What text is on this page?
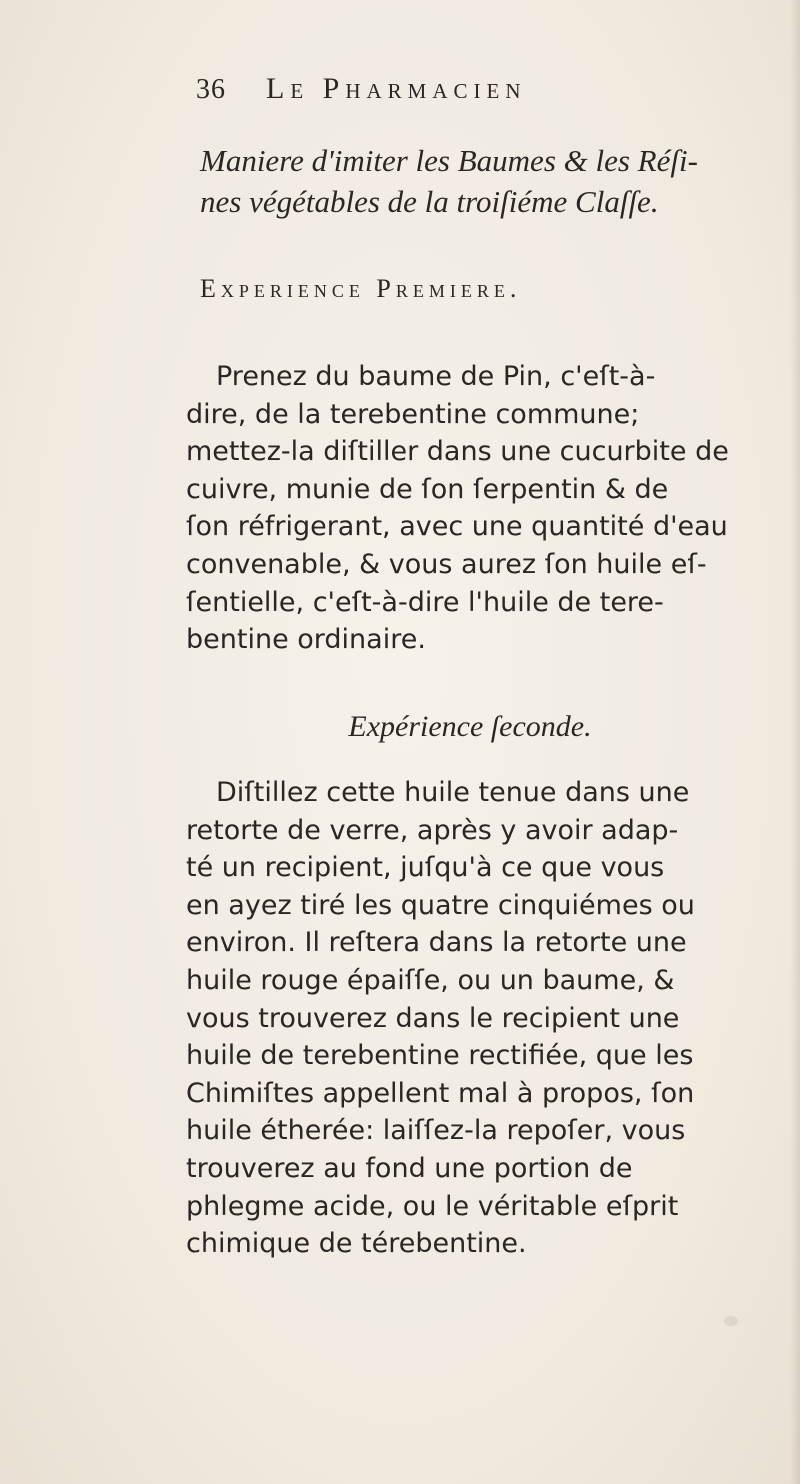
36	Le Pharmacien
Maniere d'imiter les Baumes & les Réſi-
nes végétables de la troiſiéme Claſſe.
Experience Premiere.
Prenez du baume de Pin, c'eſt-à-
dire, de la terebentine commune;
mettez-la diſtiller dans une cucurbite de
cuivre, munie de ſon ſerpentin & de
ſon réfrigerant, avec une quantité d'eau
convenable, & vous aurez ſon huile eſ-
ſentielle, c'eſt-à-dire l'huile de tere-
bentine ordinaire.
Expérience ſeconde.
Diſtillez cette huile tenue dans une
retorte de verre, après y avoir adap-
té un recipient, juſqu'à ce que vous
en ayez tiré les quatre cinquiémes ou
environ. Il reſtera dans la retorte une
huile rouge épaiſſe, ou un baume, &
vous trouverez dans le recipient une
huile de terebentine rectifiée, que les
Chimiſtes appellent mal à propos, ſon
huile étherée: laiſſez-la repoſer, vous
trouverez au fond une portion de
phlegme acide, ou le véritable eſprit
chimique de térebentine.
